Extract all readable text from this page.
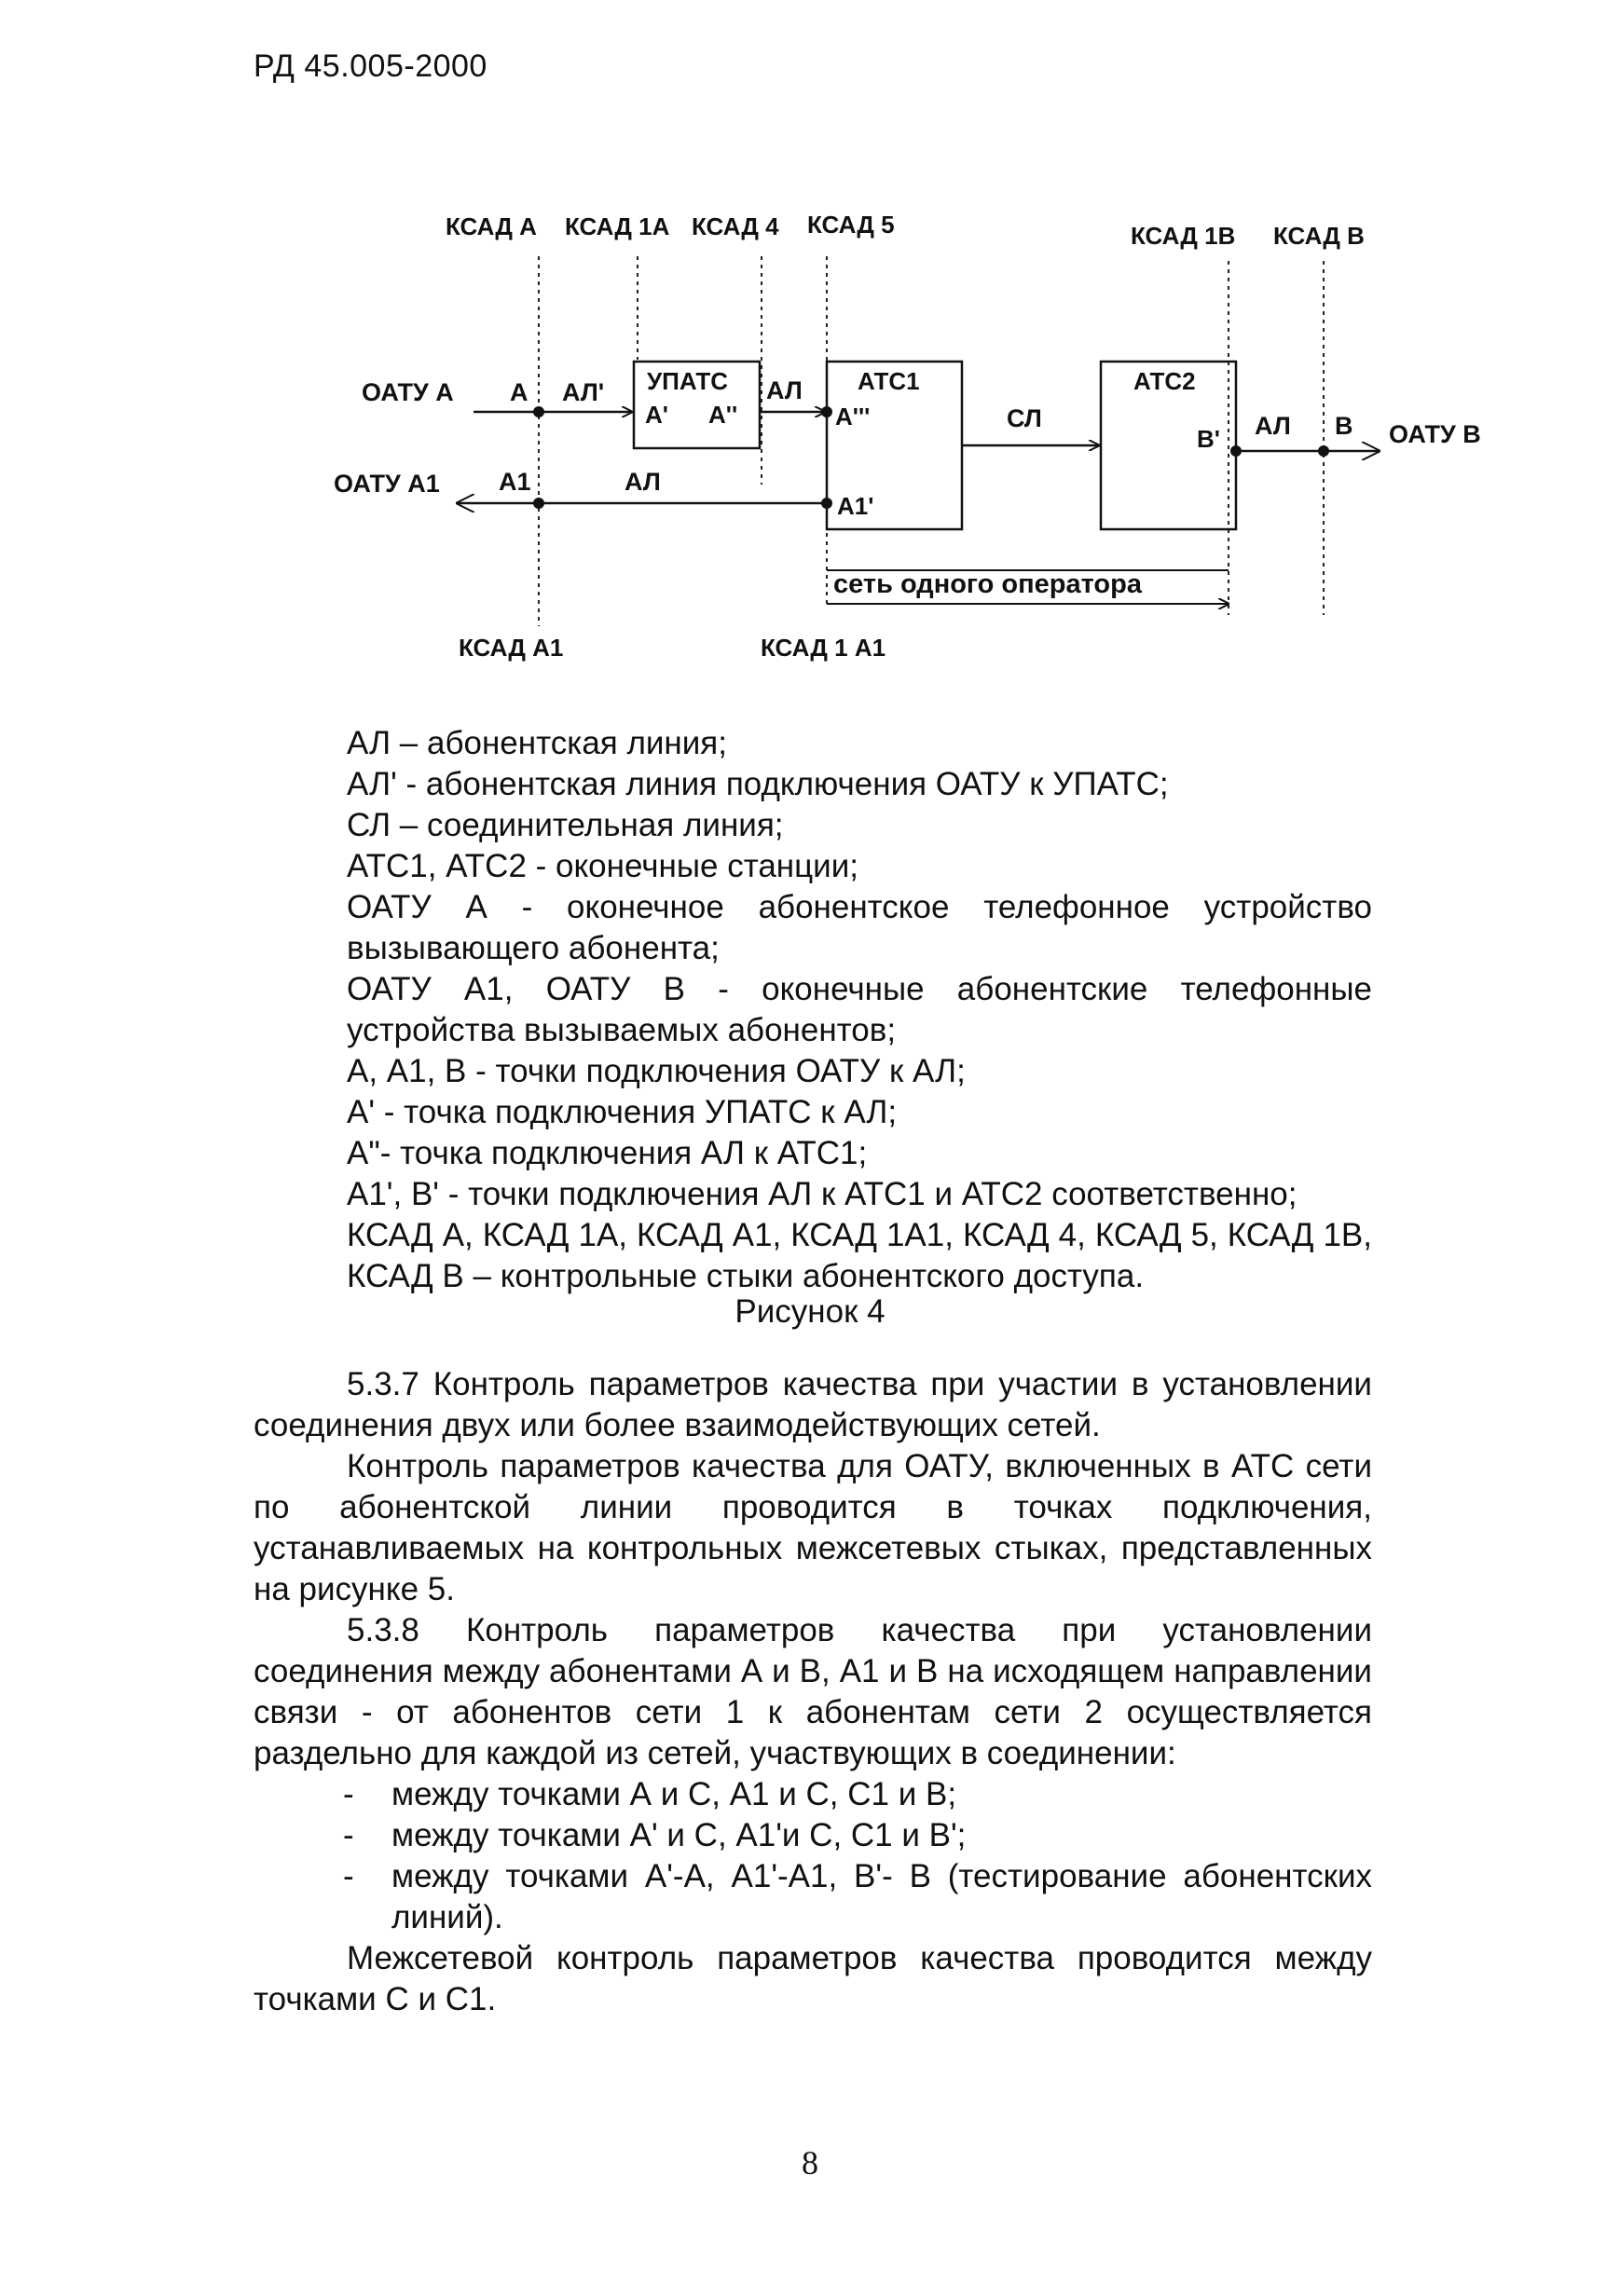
РД 45.005-2000
КСАД А КСАД 1А КСАД 4 КСАД 5	КСАД 1В КСАД В
УПАТС	АТС1	АТС2
ОАТУ А
ОАТУ А1
ОАТУ В
А АЛ'
А' А''
АЛ
А'''	СЛ
В' АЛ В
А1	АЛ
А1'
сеть одного оператора
КСАД А1	КСАД 1 А1
АЛ – абонентская линия;
АЛ' - абонентская линия подключения ОАТУ к УПАТС;
СЛ – соединительная линия;
АТС1, АТС2 - оконечные станции;
ОАТУ А - оконечное абонентское телефонное устройство вызывающего абонента;
ОАТУ А1, ОАТУ В - оконечные абонентские телефонные устройства вызываемых абонентов;
А, А1, В - точки подключения ОАТУ к АЛ;
А' - точка подключения УПАТС к АЛ;
А"- точка подключения АЛ к АТС1;
А1', В' - точки подключения АЛ к АТС1 и АТС2 соответственно;
КСАД А, КСАД 1А, КСАД А1, КСАД 1А1, КСАД 4, КСАД 5, КСАД 1В, КСАД В – контрольные стыки абонентского доступа.
Рисунок 4

5.3.7 Контроль параметров качества при участии в установлении соединения двух или более взаимодействующих сетей.

Контроль параметров качества для ОАТУ, включенных в АТС сети по абонентской линии проводится в точках подключения, устанавливаемых на контрольных межсетевых стыках, представленных на рисунке 5.

5.3.8 Контроль параметров качества при установлении соединения между абонентами А и В, А1 и В на исходящем направлении связи - от абонентов сети 1 к абонентам сети 2 осуществляется раздельно для каждой из сетей, участвующих в соединении:

- между точками А и С, А1 и С, С1 и В;
- между точками А' и С, А1'и С, С1 и В';
- между точками А'-А, А1'-А1, В'- В (тестирование абонентских линий).

Межсетевой контроль параметров качества проводится между точками С и С1.

8
